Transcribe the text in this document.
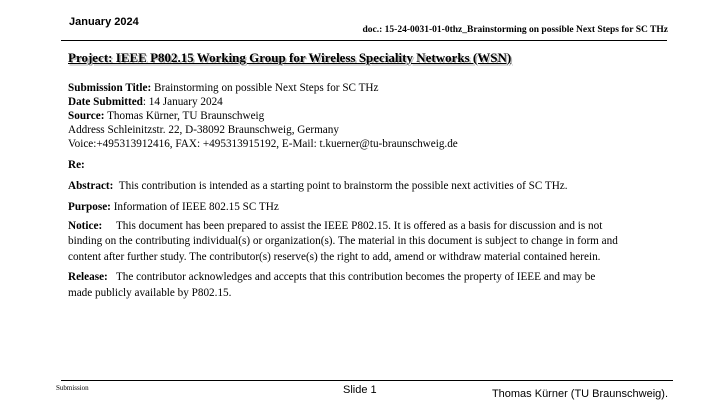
January 2024
doc.: 15-24-0031-01-0thz_Brainstorming on possible Next Steps for SC THz
Project: IEEE P802.15 Working Group for Wireless Speciality Networks (WSN)
Submission Title: Brainstorming on possible Next Steps for SC THz
Date Submitted: 14 January 2024
Source: Thomas Kürner, TU Braunschweig
Address Schleinitzstr. 22, D-38092 Braunschweig, Germany
Voice:+495313912416, FAX: +495313915192, E-Mail: t.kuerner@tu-braunschweig.de
Re:
Abstract: This contribution is intended as a starting point to brainstorm the possible next activities of SC THz.
Purpose: Information of IEEE 802.15 SC THz
Notice: This document has been prepared to assist the IEEE P802.15. It is offered as a basis for discussion and is not
binding on the contributing individual(s) or organization(s). The material in this document is subject to change in form and
content after further study. The contributor(s) reserve(s) the right to add, amend or withdraw material contained herein.
Release: The contributor acknowledges and accepts that this contribution becomes the property of IEEE and may be
made publicly available by P802.15.
Submission	Slide 1	Thomas Kürner (TU Braunschweig).
